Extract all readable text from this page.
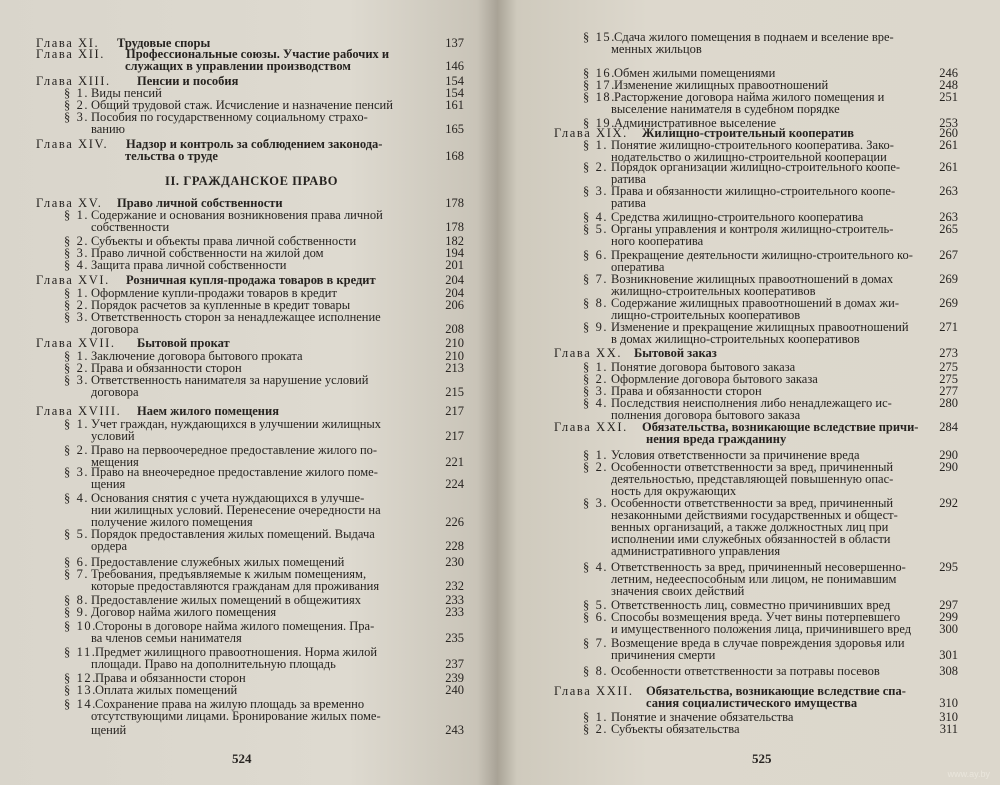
Глава XI. Трудовые споры	137
Глава XII. Профессиональные союзы. Участие рабочих и
служащих в управлении производством	146
Глава XIII. Пенсии и пособия	154
§ 1. Виды пенсий	154
§ 2. Общий трудовой стаж. Исчисление и назначение пенсий	161
§ 3. Пособия по государственному социальному страхо-
ванию	165
Глава XIV. Надзор и контроль за соблюдением законода-
тельства о труде	168
Глава XV. Право личной собственности	178
§ 1. Содержание и основания возникновения права личной
собственности	178
§ 2. Субъекты и объекты права личной собственности	182
§ 3. Право личной собственности на жилой дом	194
§ 4. Защита права личной собственности	201
Глава XVI. Розничная купля-продажа товаров в кредит	204
§ 1. Оформление купли-продажи товаров в кредит	204
§ 2. Порядок расчетов за купленные в кредит товары	206
§ 3. Ответственность сторон за ненадлежащее исполнение
договора	208
Глава XVII. Бытовой прокат	210
§ 1. Заключение договора бытового проката	210
§ 2. Права и обязанности сторон	213
§ 3. Ответственность нанимателя за нарушение условий
договора	215
Глава XVIII. Наем жилого помещения	217
§ 1. Учет граждан, нуждающихся в улучшении жилищных
условий	217
§ 2. Право на первоочередное предоставление жилого по-
мещения	221
§ 3. Право на внеочередное предоставление жилого поме-
щения	224
§ 4. Основания снятия с учета нуждающихся в улучше-
нии жилищных условий. Перенесение очередности на
получение жилого помещения	226
§ 5. Порядок предоставления жилых помещений. Выдача
ордера	228
§ 6. Предоставление служебных жилых помещений	230
§ 7. Требования, предъявляемые к жилым помещениям,
которые предоставляются гражданам для проживания	232
§ 8. Предоставление жилых помещений в общежитиях	233
§ 9. Договор найма жилого помещения	233
§ 10.Стороны в договоре найма жилого помещения. Пра-
ва членов семьи нанимателя	235
§ 11.Предмет жилищного правоотношения. Норма жилой
площади. Право на дополнительную площадь	237
§ 12.Права и обязанности сторон	239
§ 13.Оплата жилых помещений	240
§ 14.Сохранение права на жилую площадь за временно
отсутствующими лицами. Бронирование жилых поме-
щений	243
II. ГРАЖДАНСКОЕ ПРАВО
524
§ 15.Сдача жилого помещения в поднаем и вселение вре-
менных жильцов
§ 16.Обмен жилыми помещениями	246
§ 17.Изменение жилищных правоотношений	248
§ 18.Расторжение договора найма жилого помещения и	251
выселение нанимателя в судебном порядке
§ 19.Административное выселение	253
Глава XIX. Жилищно-строительный кооператив	260
§ 1. Понятие жилищно-строительного кооператива. Зако-	261
нодательство о жилищно-строительной кооперации
§ 2. Порядок организации жилищно-строительного коопе-	261
ратива
§ 3. Права и обязанности жилищно-строительного коопе-	263
ратива
§ 4. Средства жилищно-строительного кооператива	263
§ 5. Органы управления и контроля жилищно-строитель-	265
ного кооператива
§ 6. Прекращение деятельности жилищно-строительного ко-	267
оператива
§ 7. Возникновение жилищных правоотношений в домах	269
жилищно-строительных кооперативов
§ 8. Содержание жилищных правоотношений в домах жи-	269
лищно-строительных кооперативов
§ 9. Изменение и прекращение жилищных правоотношений	271
в домах жилищно-строительных кооперативов
Глава XX. Бытовой заказ	273
§ 1. Понятие договора бытового заказа	275
§ 2. Оформление договора бытового заказа	275
§ 3. Права и обязанности сторон	277
§ 4. Последствия неисполнения либо ненадлежащего ис-	280
полнения договора бытового заказа
Глава XXI. Обязательства, возникающие вследствие причи-	284
нения вреда гражданину
§ 1. Условия ответственности за причинение вреда	290
§ 2. Особенности ответственности за вред, причиненный	290
деятельностью, представляющей повышенную опас-
ность для окружающих
§ 3. Особенности ответственности за вред, причиненный	292
незаконными действиями государственных и общест-
венных организаций, а также должностных лиц при
исполнении ими служебных обязанностей в области
административного управления
§ 4. Ответственность за вред, причиненный несовершенно-	295
летним, недееспособным или лицом, не понимавшим
значения своих действий
§ 5. Ответственность лиц, совместно причинивших вред	297
§ 6. Способы возмещения вреда. Учет вины потерпевшего	299
и имущественного положения лица, причинившего вред	300
§ 7. Возмещение вреда в случае повреждения здоровья или
причинения смерти	301
§ 8. Особенности ответственности за потравы посевов	308
Глава XXII. Обязательства, возникающие вследствие спа-
сания социалистического имущества	310
§ 1. Понятие и значение обязательства	310
§ 2. Субъекты обязательства	311
525
www.ay.by
